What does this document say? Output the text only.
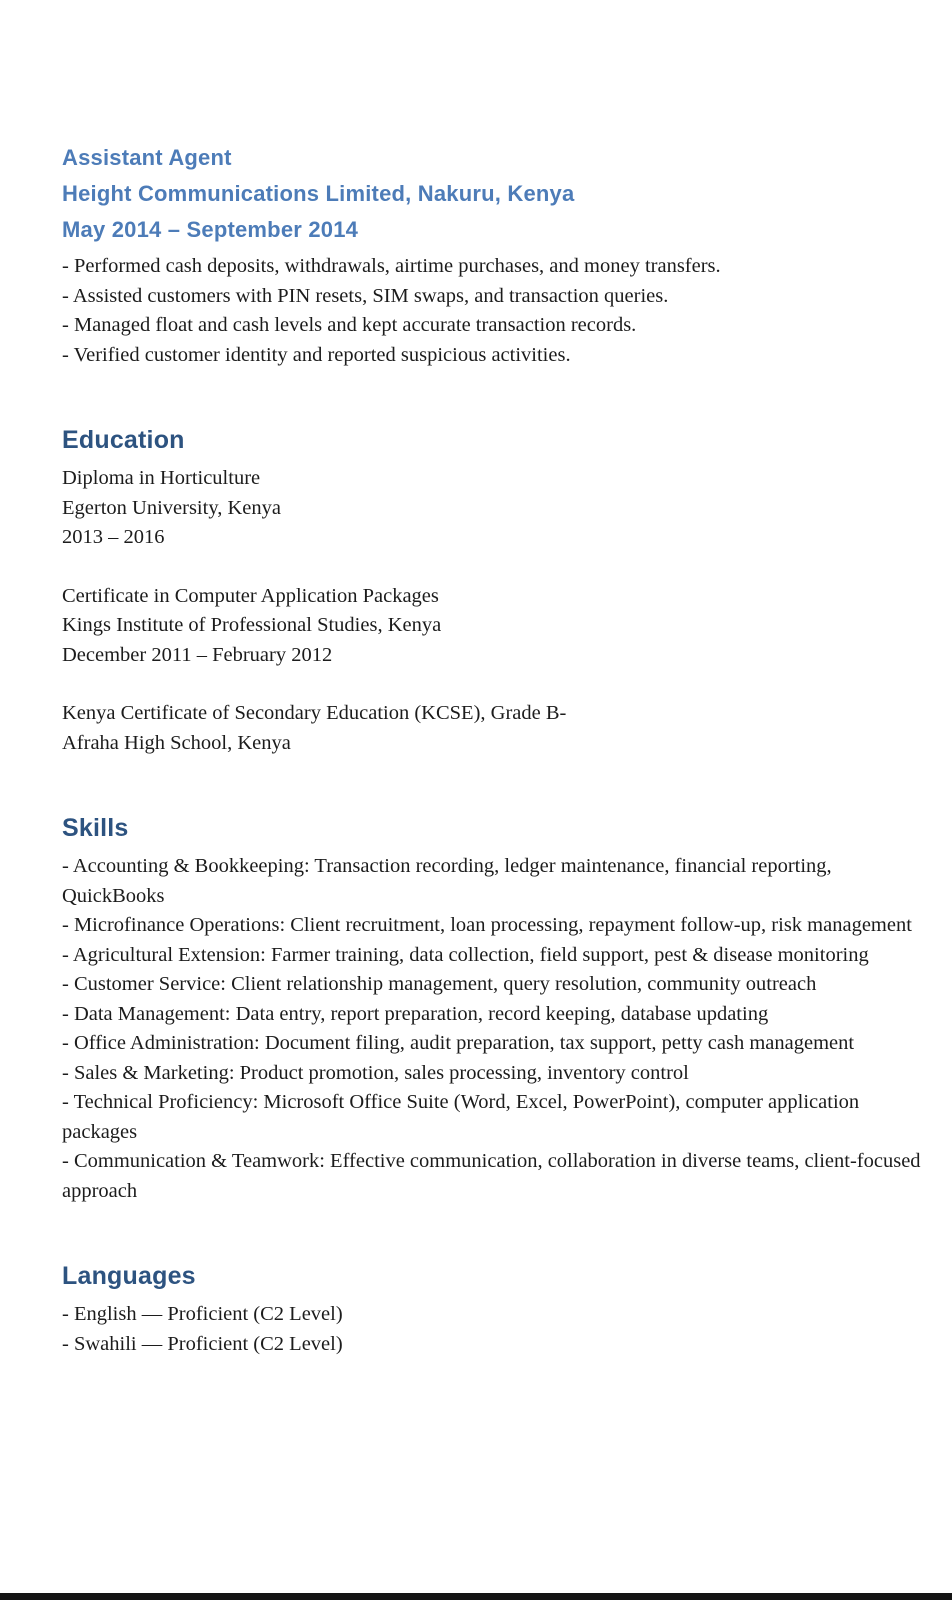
Assistant Agent
Height Communications Limited, Nakuru, Kenya
May 2014 – September 2014

- Performed cash deposits, withdrawals, airtime purchases, and money transfers.

- Assisted customers with PIN resets, SIM swaps, and transaction queries.

- Managed float and cash levels and kept accurate transaction records.

- Verified customer identity and reported suspicious activities.

Education

Diploma in Horticulture

Egerton University, Kenya

2013 – 2016

Certificate in Computer Application Packages

Kings Institute of Professional Studies, Kenya

December 2011 – February 2012

Kenya Certificate of Secondary Education (KCSE), Grade B-

Afraha High School, Kenya

Skills

- Accounting & Bookkeeping: Transaction recording, ledger maintenance, financial reporting, QuickBooks

- Microfinance Operations: Client recruitment, loan processing, repayment follow-up, risk management

- Agricultural Extension: Farmer training, data collection, field support, pest & disease monitoring

- Customer Service: Client relationship management, query resolution, community outreach

- Data Management: Data entry, report preparation, record keeping, database updating

- Office Administration: Document filing, audit preparation, tax support, petty cash management

- Sales & Marketing: Product promotion, sales processing, inventory control

- Technical Proficiency: Microsoft Office Suite (Word, Excel, PowerPoint), computer application packages

- Communication & Teamwork: Effective communication, collaboration in diverse teams, client-focused approach

Languages

- English — Proficient (C2 Level)

- Swahili — Proficient (C2 Level)
